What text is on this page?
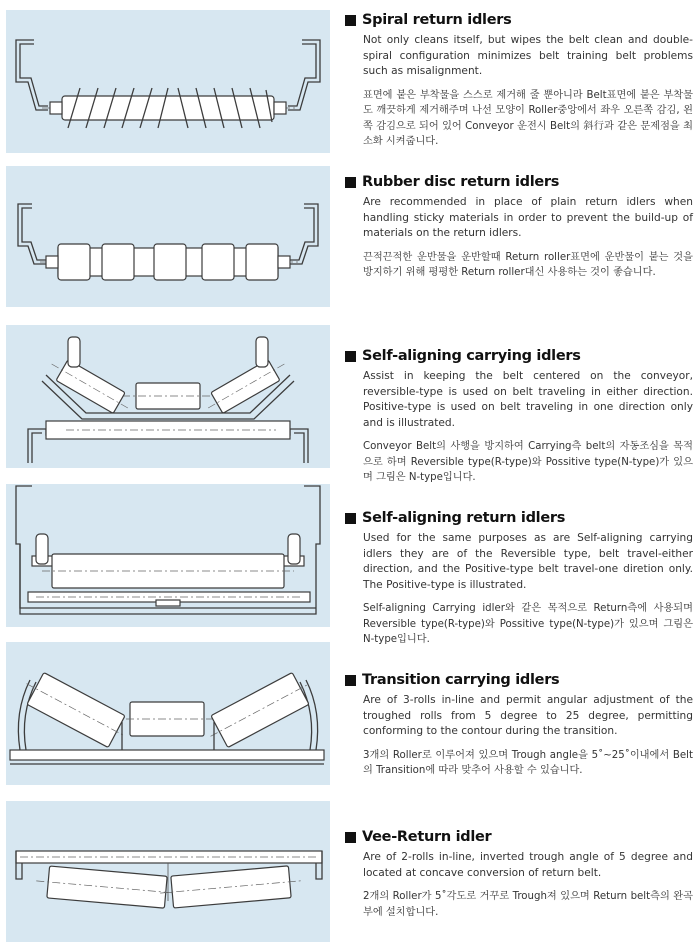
Spiral return idlers

Not only cleans itself, but wipes the belt clean and double-spiral configuration minimizes belt training belt problems such as misalignment.

표면에 붙은 부착물을 스스로 제거해 줄 뿐아니라 Belt표면에 붙은 부착물도 깨끗하게 제거해주며 나선 모양이 Roller중앙에서 좌우 오른쪽 감김, 왼쪽 감김으로 되어 있어 Conveyor 운전시 Belt의 斜行과 같은 문제점을 최소화 시켜줍니다.

Rubber disc return idlers

Are recommended in place of plain return idlers when handling sticky materials in order to prevent the build-up of materials on the return idlers.

끈적끈적한 운반물을 운반할때 Return roller표면에 운반물이 붙는 것을 방지하기 위해 평평한 Return roller대신 사용하는 것이 좋습니다.

Self-aligning carrying idlers

Assist in keeping the belt centered on the conveyor, reversible-type is used on belt traveling in either direction. Positive-type is used on belt traveling in one direction only and is illustrated.

Conveyor Belt의 사행을 방지하여 Carrying측 belt의 자동조심을 목적으로 하며 Reversible type(R-type)와 Possitive type(N-type)가 있으며 그림은 N-type입니다.

Self-aligning return idlers

Used for the same purposes as are Self-aligning carrying idlers they are of the Reversible type, belt travel-either direction, and the Positive-type belt travel-one diretion only. The Positive-type is illustrated.

Self-aligning Carrying idler와 같은 목적으로 Return측에 사용되며 Reversible type(R-type)와 Possitive type(N-type)가 있으며 그림은 N-type입니다.

Transition carrying idlers

Are of 3-rolls in-line and permit angular adjustment of the troughed rolls from 5 degree to 25 degree, permitting conforming to the contour during the transition.

3개의 Roller로 이루어져 있으며 Trough angle을 5˚~25˚이내에서 Belt의 Transition에 따라 맞추어 사용할 수 있습니다.

Vee-Return idler

Are of 2-rolls in-line, inverted trough angle of 5 degree and located at concave conversion of return belt.

2개의 Roller가 5˚각도로 거꾸로 Trough져 있으며 Return belt측의 완곡부에 설치합니다.
